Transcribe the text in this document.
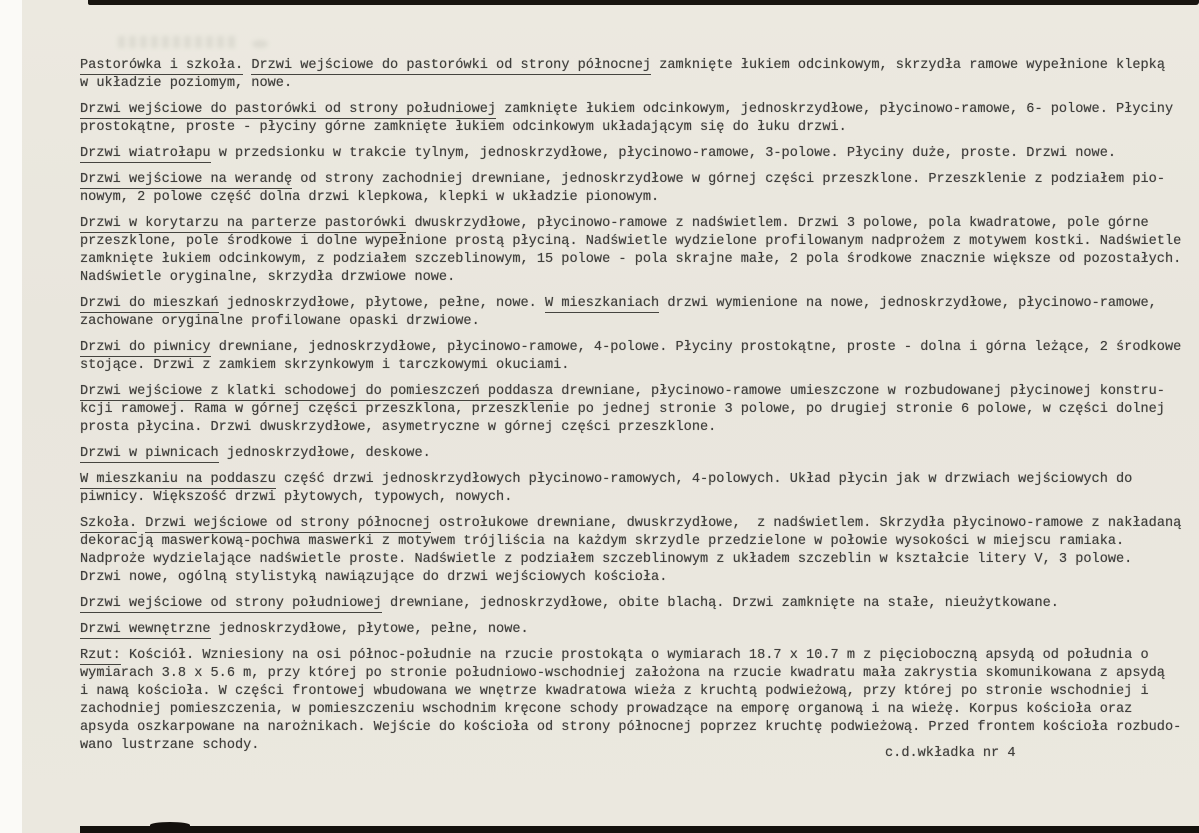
Pastorówka i szkoła. Drzwi wejściowe do pastorówki od strony północnej zamknięte łukiem odcinkowym, skrzydła ramowe wypełnione klepką
w układzie poziomym, nowe.
Drzwi wejściowe do pastorówki od strony południowej zamknięte łukiem odcinkowym, jednoskrzydłowe, płycinowo-ramowe, 6- polowe. Płyciny
prostokątne, proste - płyciny górne zamknięte łukiem odcinkowym układającym się do łuku drzwi.
Drzwi wiatrołapu w przedsionku w trakcie tylnym, jednoskrzydłowe, płycinowo-ramowe, 3-polowe. Płyciny duże, proste. Drzwi nowe.
Drzwi wejściowe na werandę od strony zachodniej drewniane, jednoskrzydłowe w górnej części przeszklone. Przeszklenie z podziałem pio-
nowym, 2 polowe część dolna drzwi klepkowa, klepki w układzie pionowym.
Drzwi w korytarzu na parterze pastorówki dwuskrzydłowe, płycinowo-ramowe z nadświetlem. Drzwi 3 polowe, pola kwadratowe, pole górne
przeszklone, pole środkowe i dolne wypełnione prostą płyciną. Nadświetle wydzielone profilowanym nadprożem z motywem kostki. Nadświetle
zamknięte łukiem odcinkowym, z podziałem szczeblinowym, 15 polowe - pola skrajne małe, 2 pola środkowe znacznie większe od pozostałych.
Nadświetle oryginalne, skrzydła drzwiowe nowe.
Drzwi do mieszkań jednoskrzydłowe, płytowe, pełne, nowe. W mieszkaniach drzwi wymienione na nowe, jednoskrzydłowe, płycinowo-ramowe,
zachowane oryginalne profilowane opaski drzwiowe.
Drzwi do piwnicy drewniane, jednoskrzydłowe, płycinowo-ramowe, 4-polowe. Płyciny prostokątne, proste - dolna i górna leżące, 2 środkowe
stojące. Drzwi z zamkiem skrzynkowym i tarczkowymi okuciami.
Drzwi wejściowe z klatki schodowej do pomieszczeń poddasza drewniane, płycinowo-ramowe umieszczone w rozbudowanej płycinowej konstru-
kcji ramowej. Rama w górnej części przeszklona, przeszklenie po jednej stronie 3 polowe, po drugiej stronie 6 polowe, w części dolnej
prosta płycina. Drzwi dwuskrzydłowe, asymetryczne w górnej części przeszklone.
Drzwi w piwnicach jednoskrzydłowe, deskowe.
W mieszkaniu na poddaszu część drzwi jednoskrzydłowych płycinowo-ramowych, 4-polowych. Układ płycin jak w drzwiach wejściowych do
piwnicy. Większość drzwi płytowych, typowych, nowych.
Szkoła. Drzwi wejściowe od strony północnej ostrołukowe drewniane, dwuskrzydłowe,  z nadświetlem. Skrzydła płycinowo-ramowe z nakładaną
dekoracją maswerkową-pochwa maswerki z motywem trójliścia na każdym skrzydle przedzielone w połowie wysokości w miejscu ramiaka.
Nadproże wydzielające nadświetle proste. Nadświetle z podziałem szczeblinowym z układem szczeblin w kształcie litery V, 3 polowe.
Drzwi nowe, ogólną stylistyką nawiązujące do drzwi wejściowych kościoła.
Drzwi wejściowe od strony południowej drewniane, jednoskrzydłowe, obite blachą. Drzwi zamknięte na stałe, nieużytkowane.
Drzwi wewnętrzne jednoskrzydłowe, płytowe, pełne, nowe.
Rzut: Kościół. Wzniesiony na osi północ-południe na rzucie prostokąta o wymiarach 18.7 x 10.7 m z pięcioboczną apsydą od południa o
wymiarach 3.8 x 5.6 m, przy której po stronie południowo-wschodniej założona na rzucie kwadratu mała zakrystia skomunikowana z apsydą
i nawą kościoła. W części frontowej wbudowana we wnętrze kwadratowa wieża z kruchtą podwieżową, przy której po stronie wschodniej i
zachodniej pomieszczenia, w pomieszczeniu wschodnim kręcone schody prowadzące na emporę organową i na wieżę. Korpus kościoła oraz
apsyda oszkarpowane na narożnikach. Wejście do kościoła od strony północnej poprzez kruchtę podwieżową. Przed frontem kościoła rozbudo-
wano lustrzane schody.
c.d.wkładka nr 4
